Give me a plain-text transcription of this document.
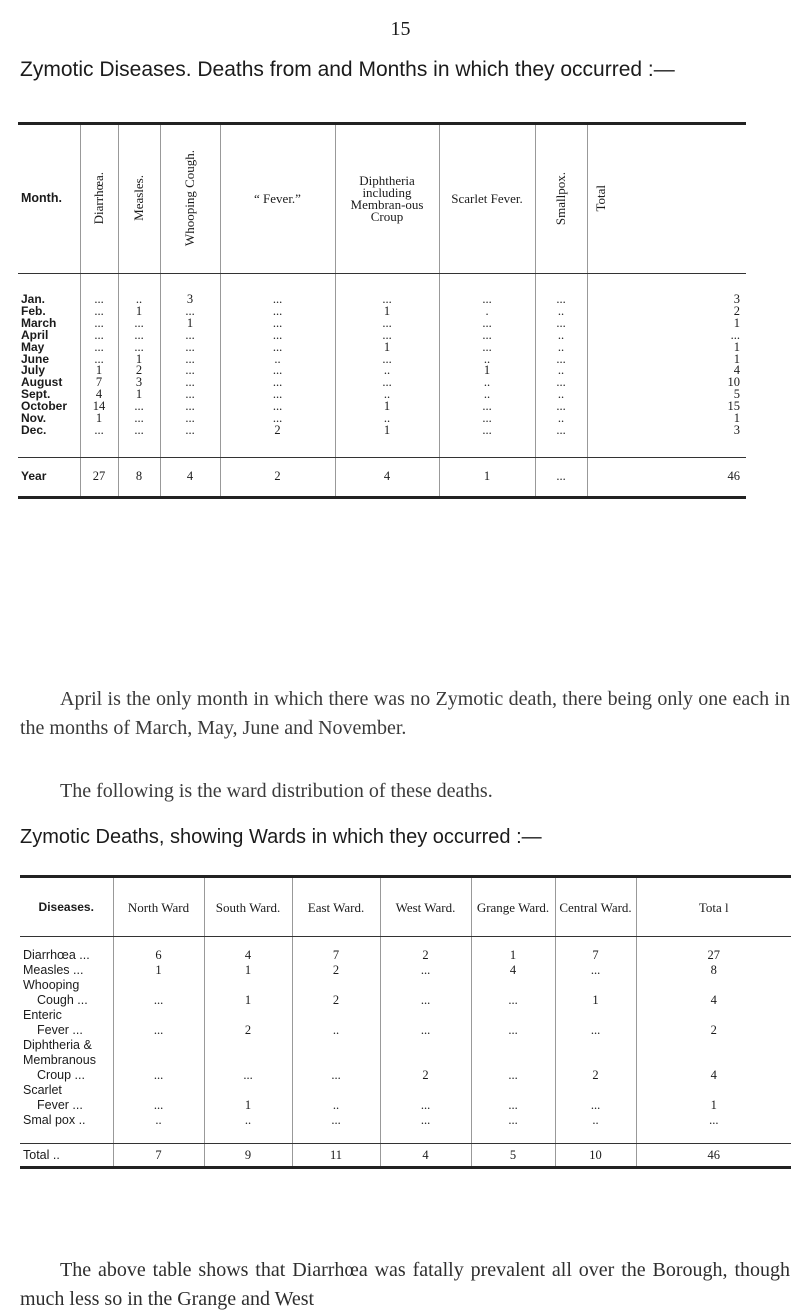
15
Zymotic Diseases. Deaths from and Months in which they occurred :—
Month.	Diarrhœa.	Measles.	Whooping Cough.	“ Fever.”	Diphtheria including Membran-ous Croup	Scarlet Fever.	Smallpox.	Total

Jan.	...	..	3	...	...	...	...	3
Feb.	...	1	...	...	1	.	..	2
March	...	...	1	...	...	...	...	1
April	...	...	...	...	...	...	..	...
May	...	...	...	...	1	...	..	1
June	...	1	...	..	...	..	...	1
July	1	2	...	...	..	1	..	4
August	7	3	...	...	...	..	...	10
Sept.	4	1	...	...	..	..	..	5
October	14	...	...	...	1	...	...	15
Nov.	1	...	...	...	..	...	..	1
Dec.	...	...	...	2	1	...	...	3

Year	27	8	4	2	4	1	...	46
April is the only month in which there was no Zymotic death, there being only one each in the months of March, May, June and November.
The following is the ward distribution of these deaths.
Zymotic Deaths, showing Wards in which they occurred :—
Diseases.	North Ward	South Ward.	East Ward.	West Ward.	Grange Ward.	Central Ward.	Tota l

Diarrhœa ...	6	4	7	2	1	7	27
Measles ...	1	1	2	...	4	...	8
Whooping							
Cough ...	...	1	2	...	...	1	4
Enteric							
Fever ...	...	2	..	...	...	...	2
Diphtheria &							
Membranous							
Croup ...	...	...	...	2	...	2	4
Scarlet							
Fever ...	...	1	..	...	...	...	1
Smal pox ..	..	..	...	...	...	..	...

Total ..	7	9	11	4	5	10	46
The above table shows that Diarrhœa was fatally prevalent all over the Borough, though much less so in the Grange and West
